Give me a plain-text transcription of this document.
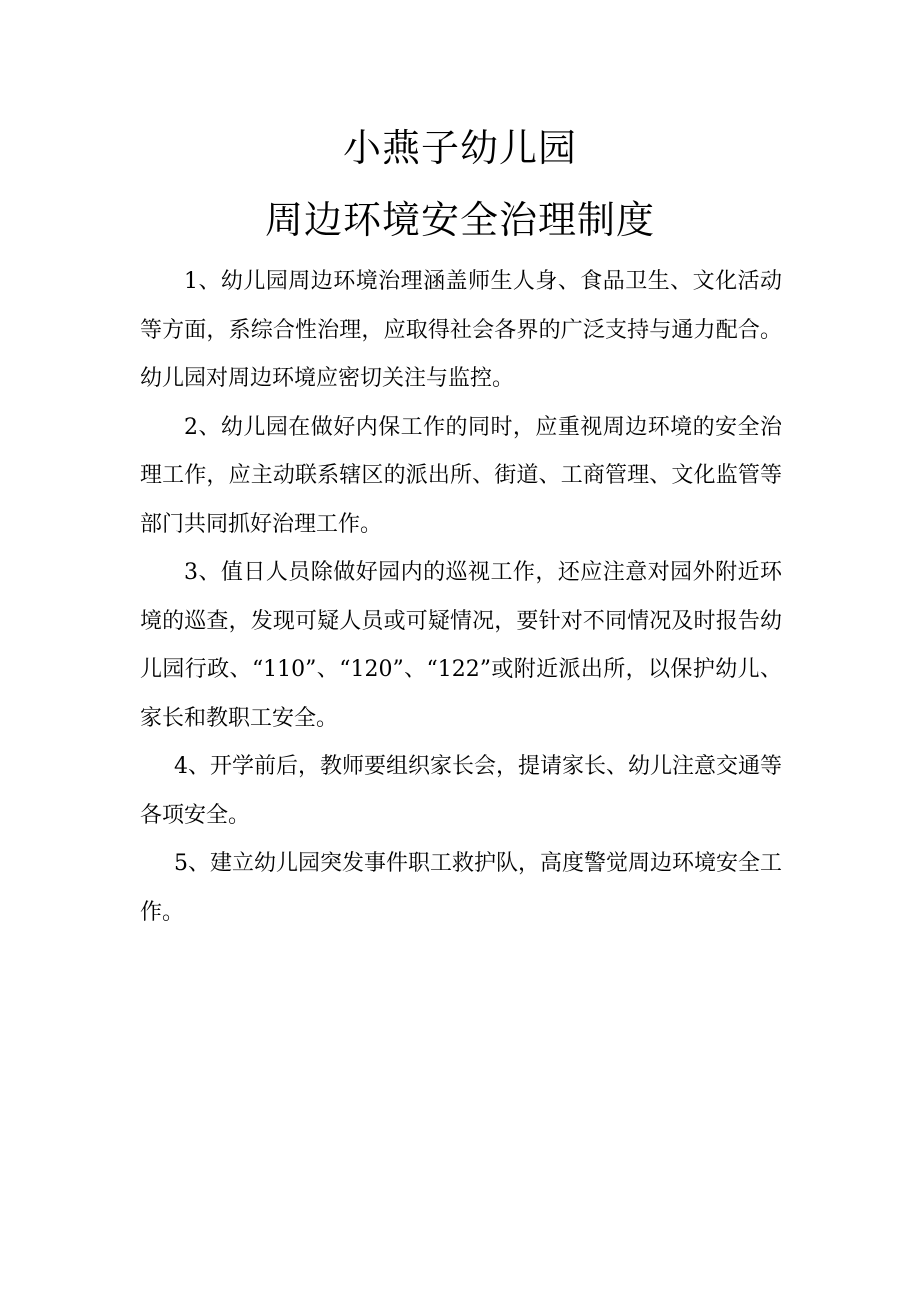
小燕子幼儿园
周边环境安全治理制度

1、幼儿园周边环境治理涵盖师生人身、食品卫生、文化活动等方面，系综合性治理，应取得社会各界的广泛支持与通力配合。幼儿园对周边环境应密切关注与监控。

2、幼儿园在做好内保工作的同时，应重视周边环境的安全治理工作，应主动联系辖区的派出所、街道、工商管理、文化监管等部门共同抓好治理工作。

3、值日人员除做好园内的巡视工作，还应注意对园外附近环境的巡查，发现可疑人员或可疑情况，要针对不同情况及时报告幼儿园行政、“110”、“120”、“122”或附近派出所，以保护幼儿、家长和教职工安全。

4、开学前后，教师要组织家长会，提请家长、幼儿注意交通等各项安全。

5、建立幼儿园突发事件职工救护队，高度警觉周边环境安全工作。
